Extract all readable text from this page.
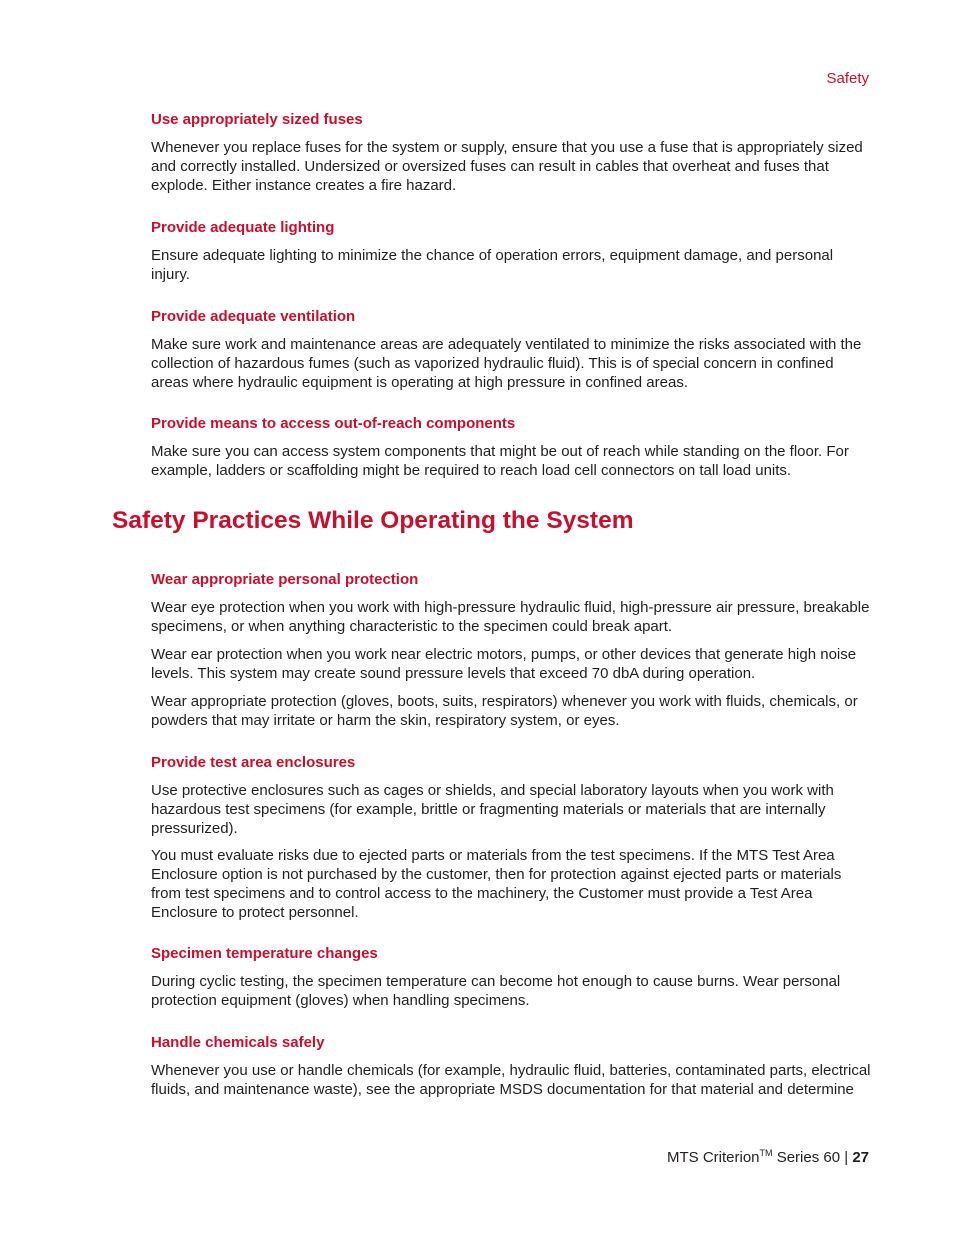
Safety
Use appropriately sized fuses

Whenever you replace fuses for the system or supply, ensure that you use a fuse that is appropriately sized and correctly installed. Undersized or oversized fuses can result in cables that overheat and fuses that explode. Either instance creates a fire hazard.

Provide adequate lighting

Ensure adequate lighting to minimize the chance of operation errors, equipment damage, and personal injury.

Provide adequate ventilation

Make sure work and maintenance areas are adequately ventilated to minimize the risks associated with the collection of hazardous fumes (such as vaporized hydraulic fluid). This is of special concern in confined areas where hydraulic equipment is operating at high pressure in confined areas.

Provide means to access out-of-reach components

Make sure you can access system components that might be out of reach while standing on the floor. For example, ladders or scaffolding might be required to reach load cell connectors on tall load units.

Safety Practices While Operating the System
Wear appropriate personal protection

Wear eye protection when you work with high-pressure hydraulic fluid, high-pressure air pressure, breakable specimens, or when anything characteristic to the specimen could break apart.

Wear ear protection when you work near electric motors, pumps, or other devices that generate high noise levels. This system may create sound pressure levels that exceed 70 dbA during operation.

Wear appropriate protection (gloves, boots, suits, respirators) whenever you work with fluids, chemicals, or powders that may irritate or harm the skin, respiratory system, or eyes.

Provide test area enclosures

Use protective enclosures such as cages or shields, and special laboratory layouts when you work with hazardous test specimens (for example, brittle or fragmenting materials or materials that are internally pressurized).

You must evaluate risks due to ejected parts or materials from the test specimens. If the MTS Test Area Enclosure option is not purchased by the customer, then for protection against ejected parts or materials from test specimens and to control access to the machinery, the Customer must provide a Test Area Enclosure to protect personnel.

Specimen temperature changes

During cyclic testing, the specimen temperature can become hot enough to cause burns. Wear personal protection equipment (gloves) when handling specimens.

Handle chemicals safely

Whenever you use or handle chemicals (for example, hydraulic fluid, batteries, contaminated parts, electrical fluids, and maintenance waste), see the appropriate MSDS documentation for that material and determine

MTS Criterion™ Series 60 | 27
